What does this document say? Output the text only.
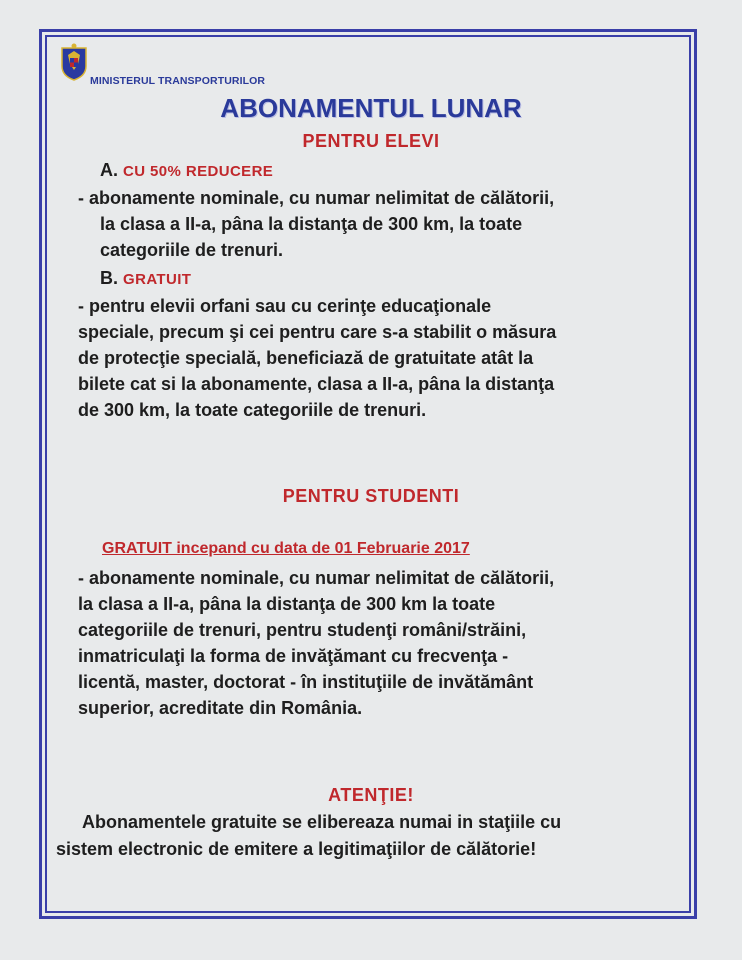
MINISTERUL TRANSPORTURILOR
ABONAMENTUL LUNAR
PENTRU ELEVI
A. CU 50% REDUCERE
- abonamente nominale, cu numar nelimitat de călătorii,
la clasa a II-a, pâna la distanţa de 300 km, la toate
categoriile de trenuri.
B. GRATUIT
- pentru elevii orfani sau cu cerinţe educaţionale
speciale, precum şi cei pentru care s-a stabilit o măsura
de protecţie specială, beneficiază de gratuitate atât la
bilete cat si la abonamente, clasa a II-a, pâna la distanţa
de 300 km, la toate categoriile de trenuri.
PENTRU STUDENTI
GRATUIT incepand cu data de 01 Februarie 2017
- abonamente nominale, cu numar nelimitat de călătorii,
la clasa a II-a, pâna la distanţa de 300 km la toate
categoriile de trenuri, pentru studenţi români/străini,
inmatriculaţi la forma de invăţămant cu frecvenţa -
licentă, master, doctorat - în instituţiile de invătământ
superior, acreditate din România.
ATENŢIE!
Abonamentele gratuite se elibereaza numai in staţiile cu
sistem electronic de emitere a legitimaţiilor de călătorie!
